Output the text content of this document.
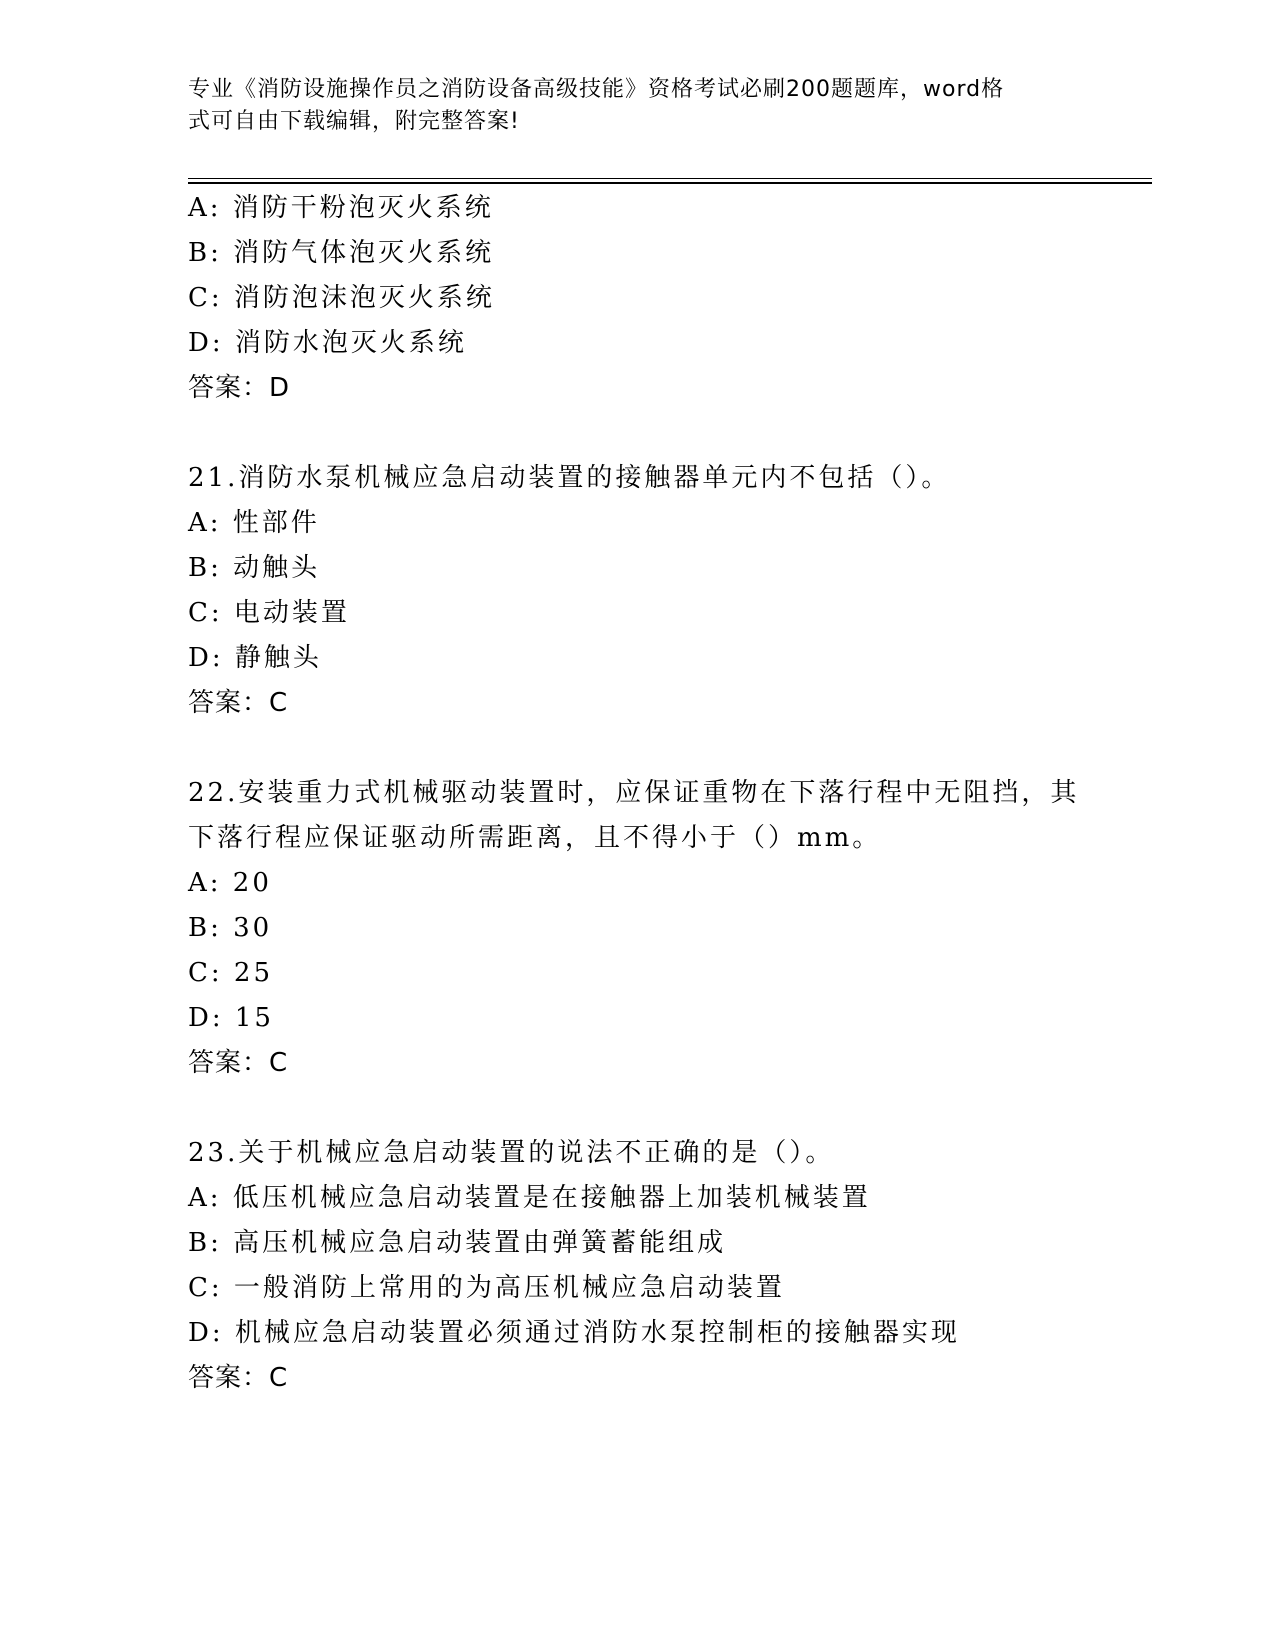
专业《消防设施操作员之消防设备高级技能》资格考试必刷200题题库，word格
式可自由下载编辑，附完整答案!
A: 消防干粉泡灭火系统
B: 消防气体泡灭火系统
C: 消防泡沫泡灭火系统
D: 消防水泡灭火系统
答案：D
21.消防水泵机械应急启动装置的接触器单元内不包括（）。
A: 性部件
B: 动触头
C: 电动装置
D: 静触头
答案：C
22.安装重力式机械驱动装置时，应保证重物在下落行程中无阻挡，其
下落行程应保证驱动所需距离，且不得小于（）mm。
A: 20
B: 30
C: 25
D: 15
答案：C
23.关于机械应急启动装置的说法不正确的是（）。
A: 低压机械应急启动装置是在接触器上加装机械装置
B: 高压机械应急启动装置由弹簧蓄能组成
C: 一般消防上常用的为高压机械应急启动装置
D: 机械应急启动装置必须通过消防水泵控制柜的接触器实现
答案：C
